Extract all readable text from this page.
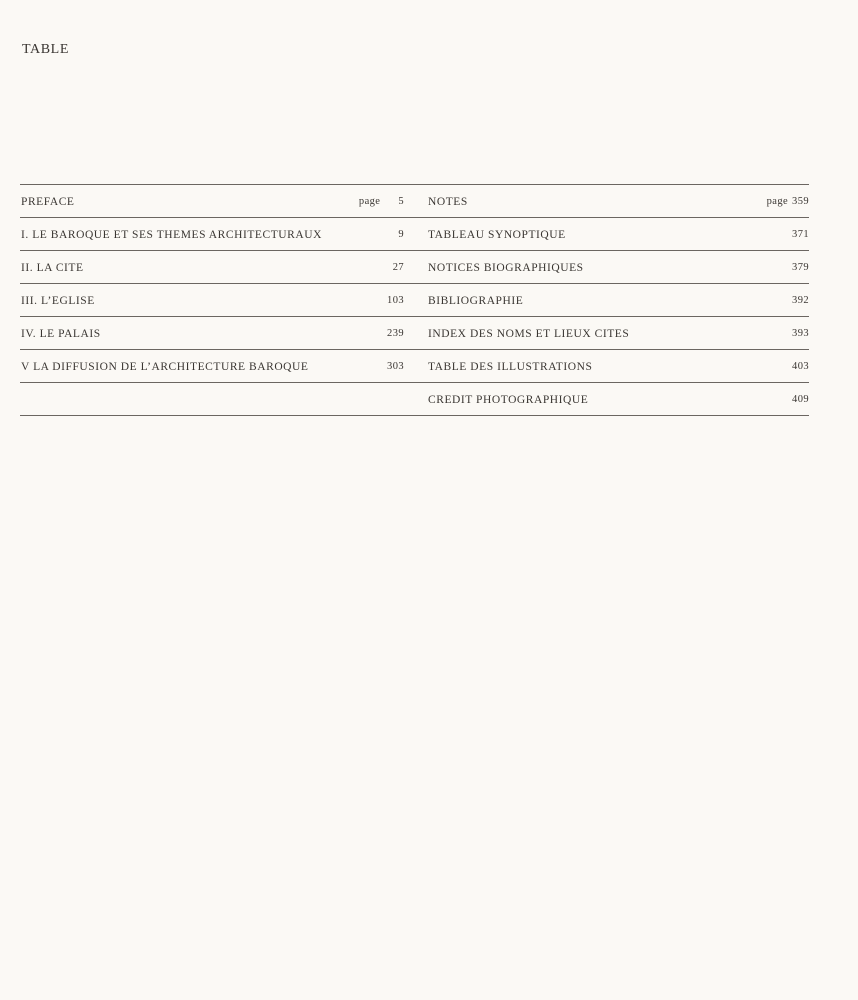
TABLE
PREFACE	page 5
I. LE BAROQUE ET SES THEMES ARCHITECTURAUX	9
II. LA CITE	27
III. L’EGLISE	103
IV. LE PALAIS	239
V LA DIFFUSION DE L’ARCHITECTURE BAROQUE	303
NOTES	page 359
TABLEAU SYNOPTIQUE	371
NOTICES BIOGRAPHIQUES	379
BIBLIOGRAPHIE	392
INDEX DES NOMS ET LIEUX CITES	393
TABLE DES ILLUSTRATIONS	403
CREDIT PHOTOGRAPHIQUE	409
